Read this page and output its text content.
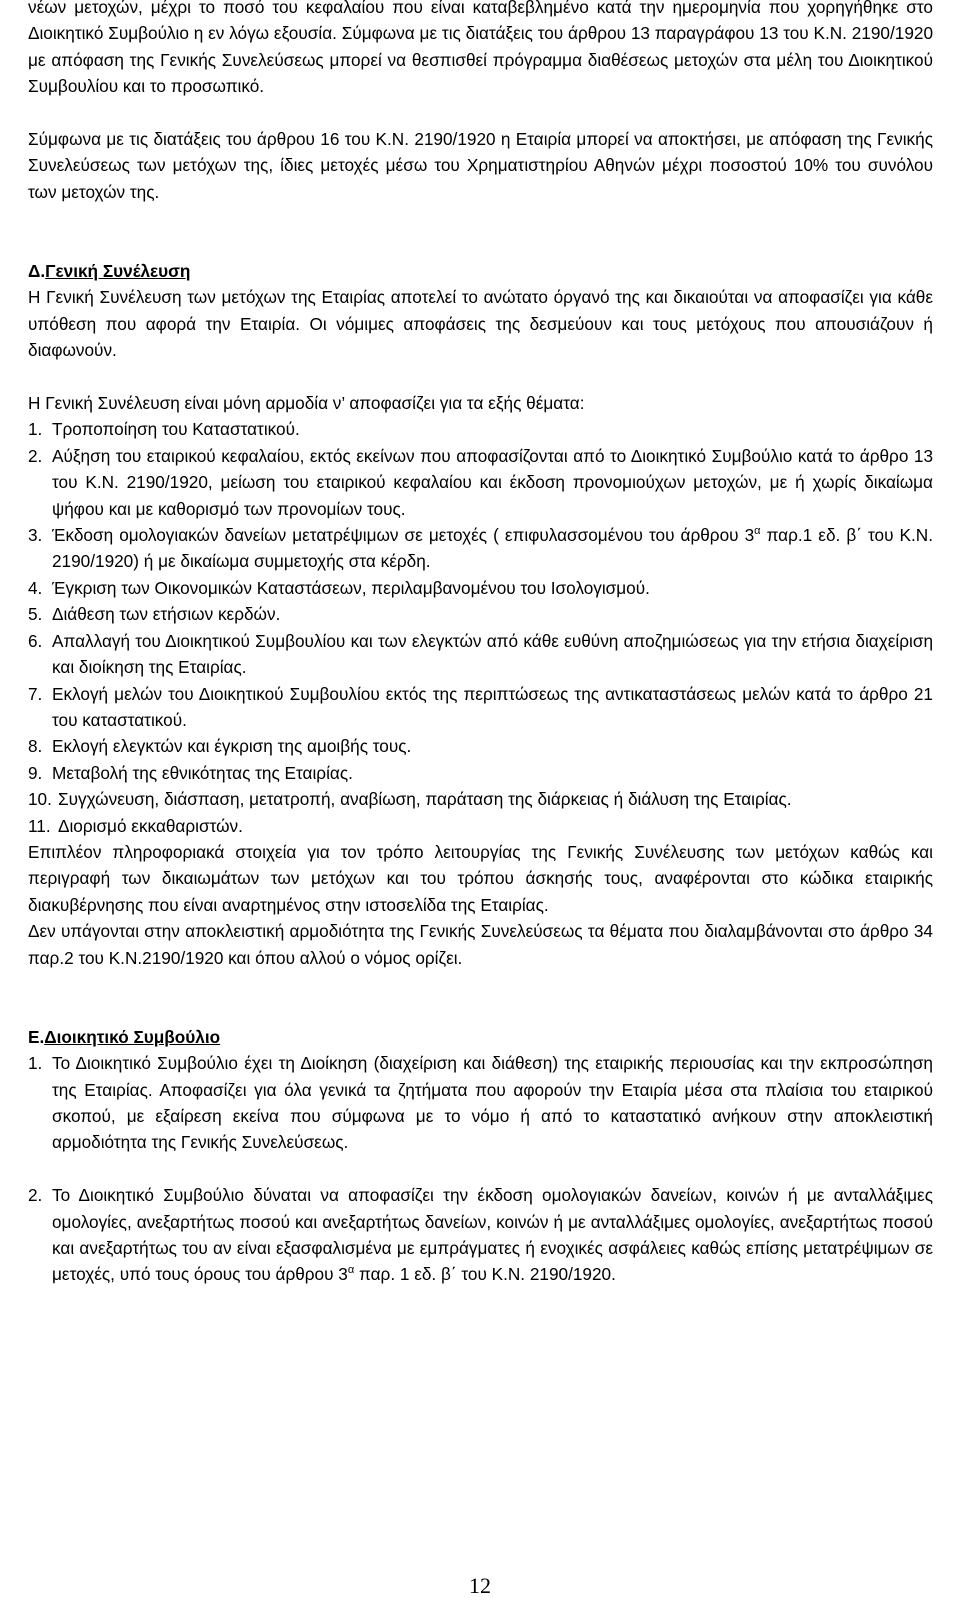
νέων μετοχών, μέχρι το ποσό του κεφαλαίου που είναι καταβεβλημένο κατά την ημερομηνία που χορηγήθηκε στο Διοικητικό Συμβούλιο η εν λόγω εξουσία. Σύμφωνα με τις διατάξεις του άρθρου 13 παραγράφου 13 του Κ.Ν. 2190/1920 με απόφαση της Γενικής Συνελεύσεως μπορεί να θεσπισθεί πρόγραμμα διαθέσεως μετοχών στα μέλη του Διοικητικού Συμβουλίου και το προσωπικό.

Σύμφωνα με τις διατάξεις του άρθρου 16 του Κ.Ν. 2190/1920 η Εταιρία μπορεί να αποκτήσει, με απόφαση της Γενικής Συνελεύσεως των μετόχων της, ίδιες μετοχές μέσω του Χρηματιστηρίου Αθηνών μέχρι ποσοστού 10% του συνόλου των μετοχών της.

Δ.Γενική Συνέλευση

Η Γενική Συνέλευση των μετόχων της Εταιρίας αποτελεί το ανώτατο όργανό της και δικαιούται να αποφασίζει για κάθε υπόθεση που αφορά την Εταιρία. Οι νόμιμες αποφάσεις της δεσμεύουν και τους μετόχους που απουσιάζουν ή διαφωνούν.

Η Γενική Συνέλευση είναι μόνη αρμοδία ν’ αποφασίζει για τα εξής θέματα:

1. Τροποποίηση του Καταστατικού.
2. Αύξηση του εταιρικού κεφαλαίου, εκτός εκείνων που αποφασίζονται από το Διοικητικό Συμβούλιο κατά το άρθρο 13 του Κ.Ν. 2190/1920, μείωση του εταιρικού κεφαλαίου και έκδοση προνομιούχων μετοχών, με ή χωρίς δικαίωμα ψήφου και με καθορισμό των προνομίων τους.
3. Έκδοση ομολογιακών δανείων μετατρέψιμων σε μετοχές ( επιφυλασσομένου του άρθρου $3^\alpha$ παρ.1 εδ. β΄ του Κ.Ν. 2190/1920) ή με δικαίωμα συμμετοχής στα κέρδη.
4. Έγκριση των Οικονομικών Καταστάσεων, περιλαμβανομένου του Ισολογισμού.
5. Διάθεση των ετήσιων κερδών.
6. Απαλλαγή του Διοικητικού Συμβουλίου και των ελεγκτών από κάθε ευθύνη αποζημιώσεως για την ετήσια διαχείριση και διοίκηση της Εταιρίας.
7. Εκλογή μελών του Διοικητικού Συμβουλίου εκτός της περιπτώσεως της αντικαταστάσεως μελών κατά το άρθρο 21 του καταστατικού.
8. Εκλογή ελεγκτών και έγκριση της αμοιβής τους.
9. Μεταβολή της εθνικότητας της Εταιρίας.
10. Συγχώνευση, διάσπαση, μετατροπή, αναβίωση, παράταση της διάρκειας ή διάλυση της Εταιρίας.
11. Διορισμό εκκαθαριστών.

Επιπλέον πληροφοριακά στοιχεία για τον τρόπο λειτουργίας της Γενικής Συνέλευσης των μετόχων καθώς και περιγραφή των δικαιωμάτων των μετόχων και του τρόπου άσκησής τους, αναφέρονται στο κώδικα εταιρικής διακυβέρνησης που είναι αναρτημένος στην ιστοσελίδα της Εταιρίας.

Δεν υπάγονται στην αποκλειστική αρμοδιότητα της Γενικής Συνελεύσεως τα θέματα που διαλαμβάνονται στο άρθρο 34 παρ.2 του Κ.Ν.2190/1920 και όπου αλλού ο νόμος ορίζει.

Ε.Διοικητικό Συμβούλιο

1. Το Διοικητικό Συμβούλιο έχει τη Διοίκηση (διαχείριση και διάθεση) της εταιρικής περιουσίας και την εκπροσώπηση της Εταιρίας. Αποφασίζει για όλα γενικά τα ζητήματα που αφορούν την Εταιρία μέσα στα πλαίσια του εταιρικού σκοπού, με εξαίρεση εκείνα που σύμφωνα με το νόμο ή από το καταστατικό ανήκουν στην αποκλειστική αρμοδιότητα της Γενικής Συνελεύσεως.
2. Το Διοικητικό Συμβούλιο δύναται να αποφασίζει την έκδοση ομολογιακών δανείων, κοινών ή με ανταλλάξιμες ομολογίες, ανεξαρτήτως ποσού και ανεξαρτήτως δανείων, κοινών ή με ανταλλάξιμες ομολογίες, ανεξαρτήτως ποσού και ανεξαρτήτως του αν είναι εξασφαλισμένα με εμπράγματες ή ενοχικές ασφάλειες καθώς επίσης μετατρέψιμων σε μετοχές, υπό τους όρους του άρθρου $3^\alpha$ παρ. 1 εδ. β΄ του Κ.Ν. 2190/1920.
12
